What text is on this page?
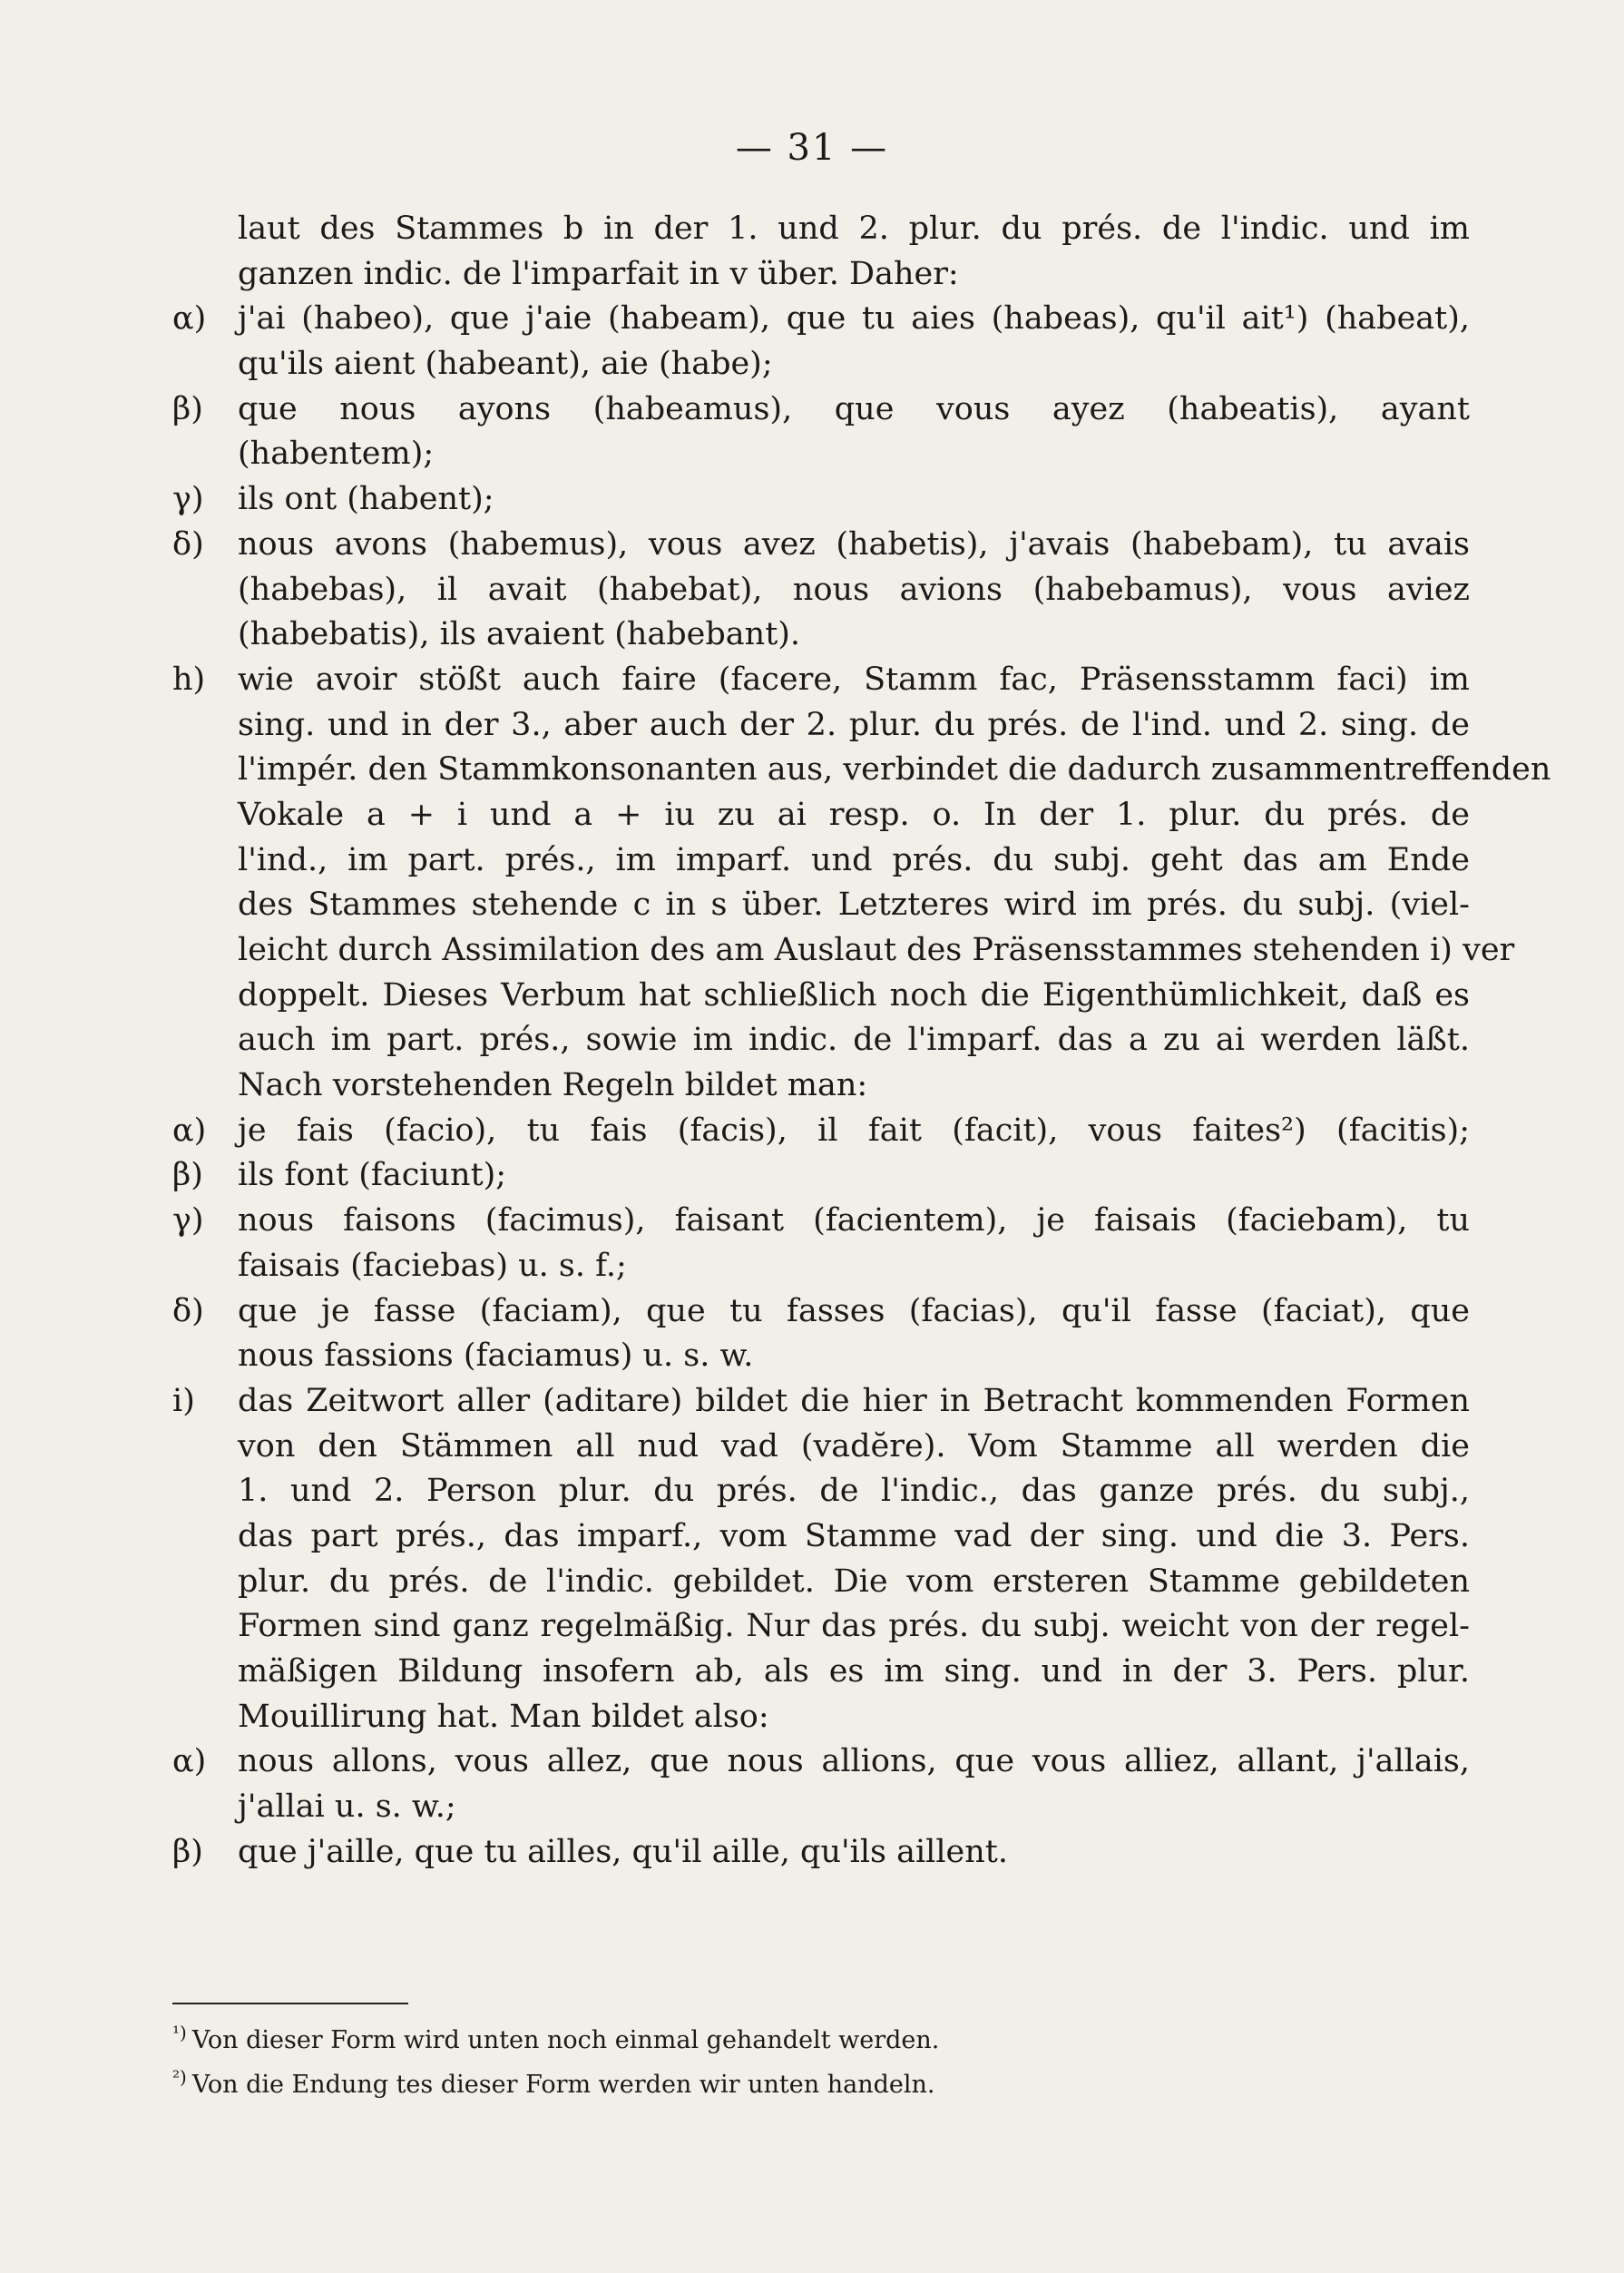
— 31 —
laut des Stammes b in der 1. und 2. plur. du prés. de l'indic. und im
ganzen indic. de l'imparfait in v über. Daher:
α) j'ai (habeo), que j'aie (habeam), que tu aies (habeas), qu'il ait¹) (habeat),
qu'ils aient (habeant), aie (habe);
β)	que nous ayons (habeamus), que vous ayez (habeatis), ayant
(habentem);
γ)	ils ont (habent);
δ)	nous avons (habemus), vous avez (habetis), j'avais (habebam), tu avais
(habebas), il avait (habebat), nous avions (habebamus), vous aviez
(habebatis), ils avaient (habebant).
h)	wie avoir stößt auch faire (facere, Stamm fac, Präsensstamm faci) im
sing. und in der 3., aber auch der 2. plur. du prés. de l'ind. und 2. sing. de
l'impér. den Stammkonsonanten aus, verbindet die dadurch zusammentreffenden
Vokale a + i und a + iu zu ai resp. o. In der 1. plur. du prés. de
l'ind., im part. prés., im imparf. und prés. du subj. geht das am Ende
des Stammes stehende c in s über. Letzteres wird im prés. du subj. (viel-
leicht durch Assimilation des am Auslaut des Präsensstammes stehenden i) ver
doppelt. Dieses Verbum hat schließlich noch die Eigenthümlichkeit, daß es
auch im part. prés., sowie im indic. de l'imparf. das a zu ai werden läßt.
Nach vorstehenden Regeln bildet man:
α) je fais (facio), tu fais (facis), il fait (facit), vous faites²) (facitis);
β)	ils font (faciunt);
γ)	nous faisons (facimus), faisant (facientem), je faisais (faciebam), tu
faisais (faciebas) u. s. f.;
δ)	que je fasse (faciam), que tu fasses (facias), qu'il fasse (faciat), que
nous fassions (faciamus) u. s. w.
i)	das Zeitwort aller (aditare) bildet die hier in Betracht kommenden Formen
von den Stämmen all nud vad (vadĕre). Vom Stamme all werden die
1. und 2. Person plur. du prés. de l'indic., das ganze prés. du subj.,
das part prés., das imparf., vom Stamme vad der sing. und die 3. Pers.
plur. du prés. de l'indic. gebildet. Die vom ersteren Stamme gebildeten
Formen sind ganz regelmäßig. Nur das prés. du subj. weicht von der regel-
mäßigen Bildung insofern ab, als es im sing. und in der 3. Pers. plur.
Mouillirung hat. Man bildet also:
α) nous allons, vous allez, que nous allions, que vous alliez, allant, j'allais,
j'allai u. s. w.;
β)	que j'aille, que tu ailles, qu'il aille, qu'ils aillent.
$^{^1)}$ Von dieser Form wird unten noch einmal gehandelt werden.
$^{^2)}$ Von die Endung tes dieser Form werden wir unten handeln.
